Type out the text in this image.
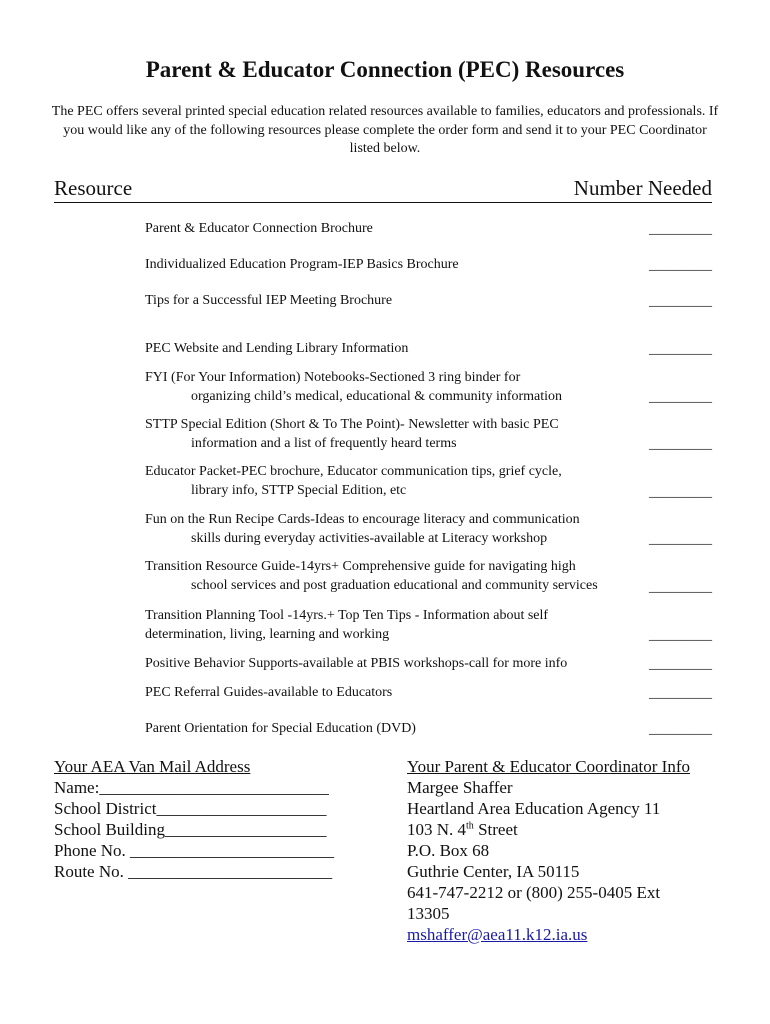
Parent & Educator Connection (PEC) Resources

The PEC offers several printed special education related resources available to families, educators and professionals. If you would like any of the following resources please complete the order form and send it to your PEC Coordinator listed below.

Resource	Number Needed
Parent & Educator Connection Brochure	_________
Individualized Education Program-IEP Basics Brochure	_________
Tips for a Successful IEP Meeting Brochure	_________
PEC Website and Lending Library Information	_________
FYI (For Your Information) Notebooks-Sectioned 3 ring binder for
organizing child’s medical, educational & community information	_________
STTP Special Edition (Short & To The Point)- Newsletter with basic PEC
information and a list of frequently heard terms	_________
Educator Packet-PEC brochure, Educator communication tips, grief cycle,
library info, STTP Special Edition, etc	_________
Fun on the Run Recipe Cards-Ideas to encourage literacy and communication
skills during everyday activities-available at Literacy workshop	_________
Transition Resource Guide-14yrs+ Comprehensive guide for navigating high
school services and post graduation educational and community services	_________
Transition Planning Tool -14yrs.+ Top Ten Tips - Information about self
determination, living, learning and working	_________
Positive Behavior Supports-available at PBIS workshops-call for more info	_________
PEC Referral Guides-available to Educators	_________
Parent Orientation for Special Education (DVD)	_________
Your AEA Van Mail Address
Name:___________________________
School District____________________
School Building___________________
Phone No. ________________________
Route No. ________________________
Your Parent & Educator Coordinator Info
Margee Shaffer
Heartland Area Education Agency 11
103 N. 4th Street
P.O. Box 68
Guthrie Center, IA 50115
641-747-2212 or (800) 255-0405 Ext
13305
mshaffer@aea11.k12.ia.us
